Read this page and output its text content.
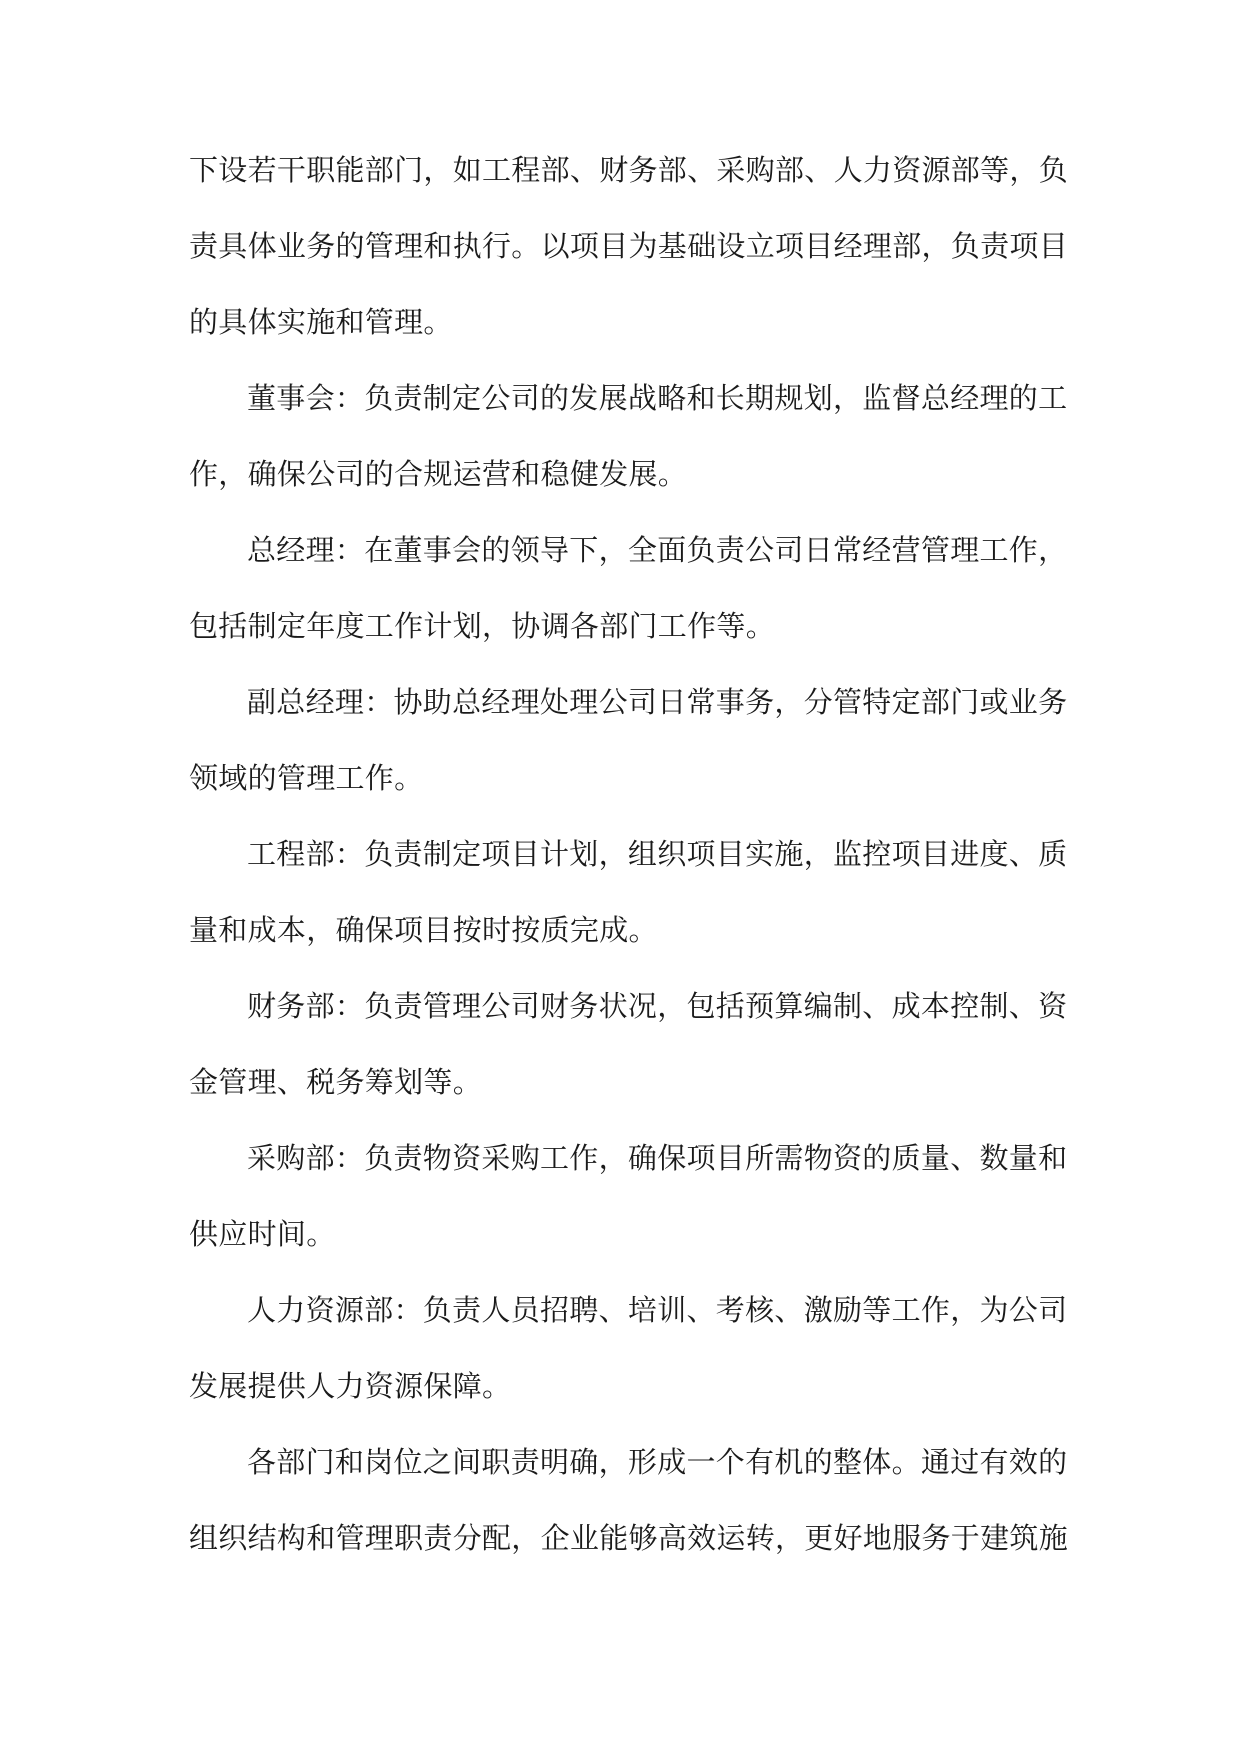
下设若干职能部门，如工程部、财务部、采购部、人力资源部等，负

责具体业务的管理和执行。以项目为基础设立项目经理部，负责项目

的具体实施和管理。

董事会：负责制定公司的发展战略和长期规划，监督总经理的工

作，确保公司的合规运营和稳健发展。

总经理：在董事会的领导下，全面负责公司日常经营管理工作，

包括制定年度工作计划，协调各部门工作等。

副总经理：协助总经理处理公司日常事务，分管特定部门或业务

领域的管理工作。

工程部：负责制定项目计划，组织项目实施，监控项目进度、质

量和成本，确保项目按时按质完成。

财务部：负责管理公司财务状况，包括预算编制、成本控制、资

金管理、税务筹划等。

采购部：负责物资采购工作，确保项目所需物资的质量、数量和

供应时间。

人力资源部：负责人员招聘、培训、考核、激励等工作，为公司

发展提供人力资源保障。

各部门和岗位之间职责明确，形成一个有机的整体。通过有效的

组织结构和管理职责分配，企业能够高效运转，更好地服务于建筑施
